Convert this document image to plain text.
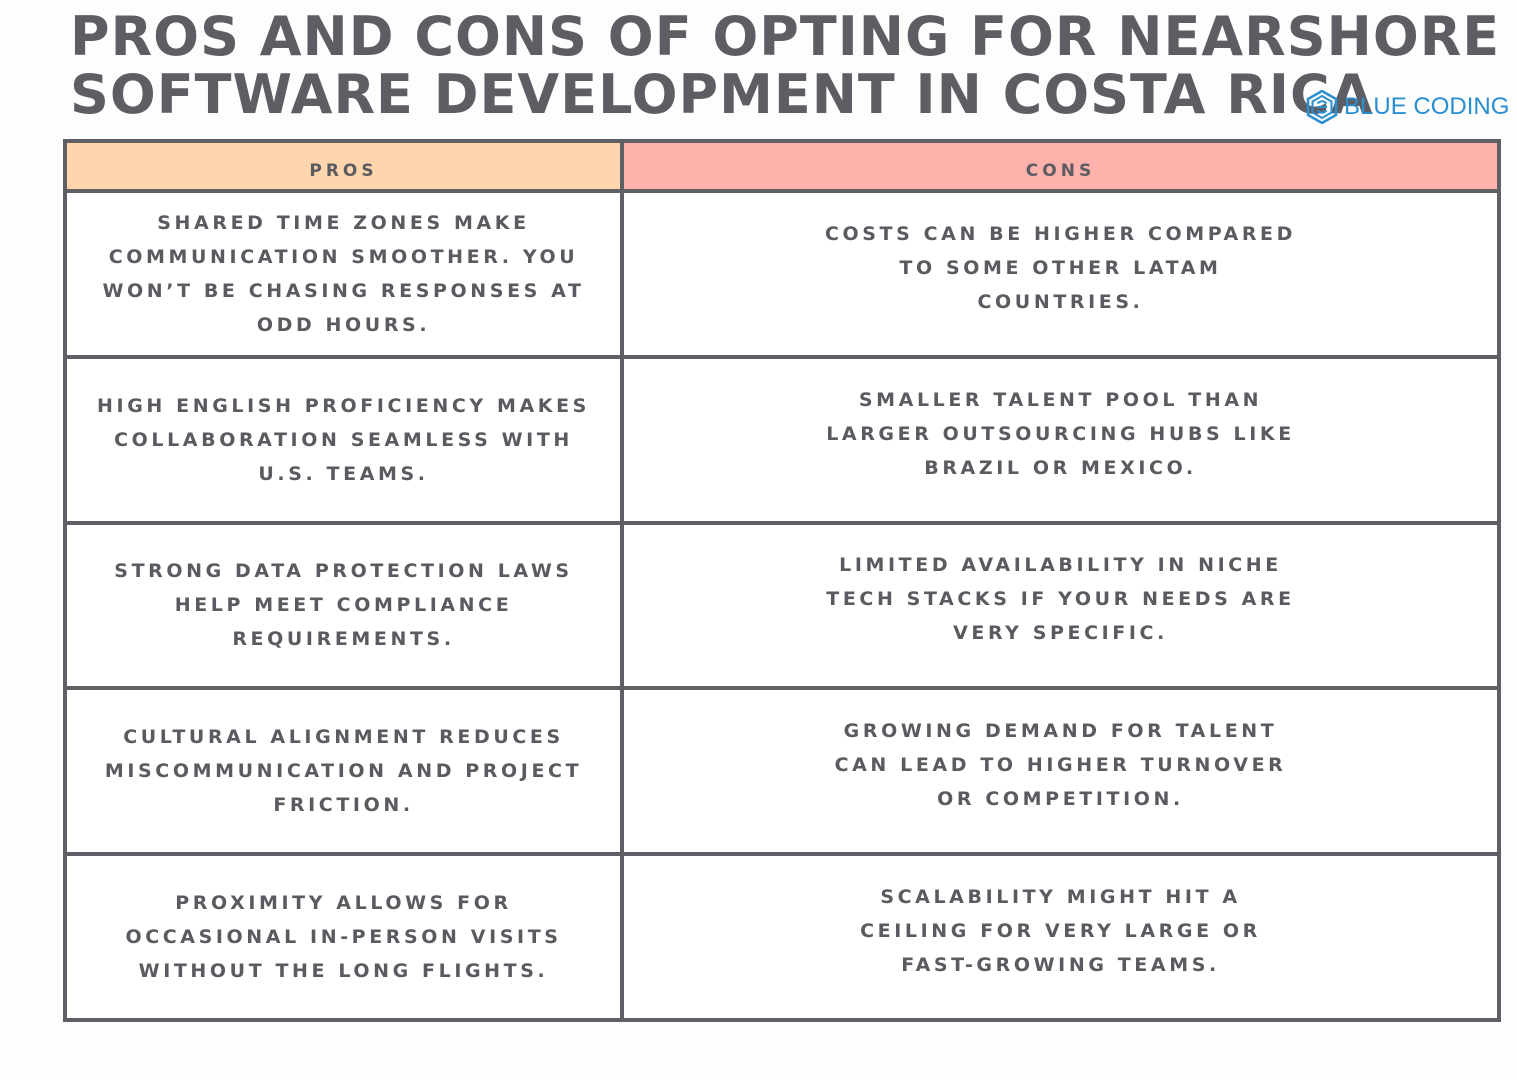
PROS AND CONS OF OPTING FOR NEARSHORE
SOFTWARE DEVELOPMENT IN COSTA RICA
BLUE CODING
PROS	CONS
SHARED TIME ZONES MAKE COMMUNICATION SMOOTHER. YOU WON’T BE CHASING RESPONSES AT ODD HOURS.
COSTS CAN BE HIGHER COMPARED TO SOME OTHER LATAM COUNTRIES.
HIGH ENGLISH PROFICIENCY MAKES COLLABORATION SEAMLESS WITH U.S. TEAMS.
SMALLER TALENT POOL THAN LARGER OUTSOURCING HUBS LIKE BRAZIL OR MEXICO.
STRONG DATA PROTECTION LAWS HELP MEET COMPLIANCE REQUIREMENTS.
LIMITED AVAILABILITY IN NICHE TECH STACKS IF YOUR NEEDS ARE VERY SPECIFIC.
CULTURAL ALIGNMENT REDUCES MISCOMMUNICATION AND PROJECT FRICTION.
GROWING DEMAND FOR TALENT CAN LEAD TO HIGHER TURNOVER OR COMPETITION.
PROXIMITY ALLOWS FOR OCCASIONAL IN-PERSON VISITS WITHOUT THE LONG FLIGHTS.
SCALABILITY MIGHT HIT A CEILING FOR VERY LARGE OR FAST-GROWING TEAMS.
